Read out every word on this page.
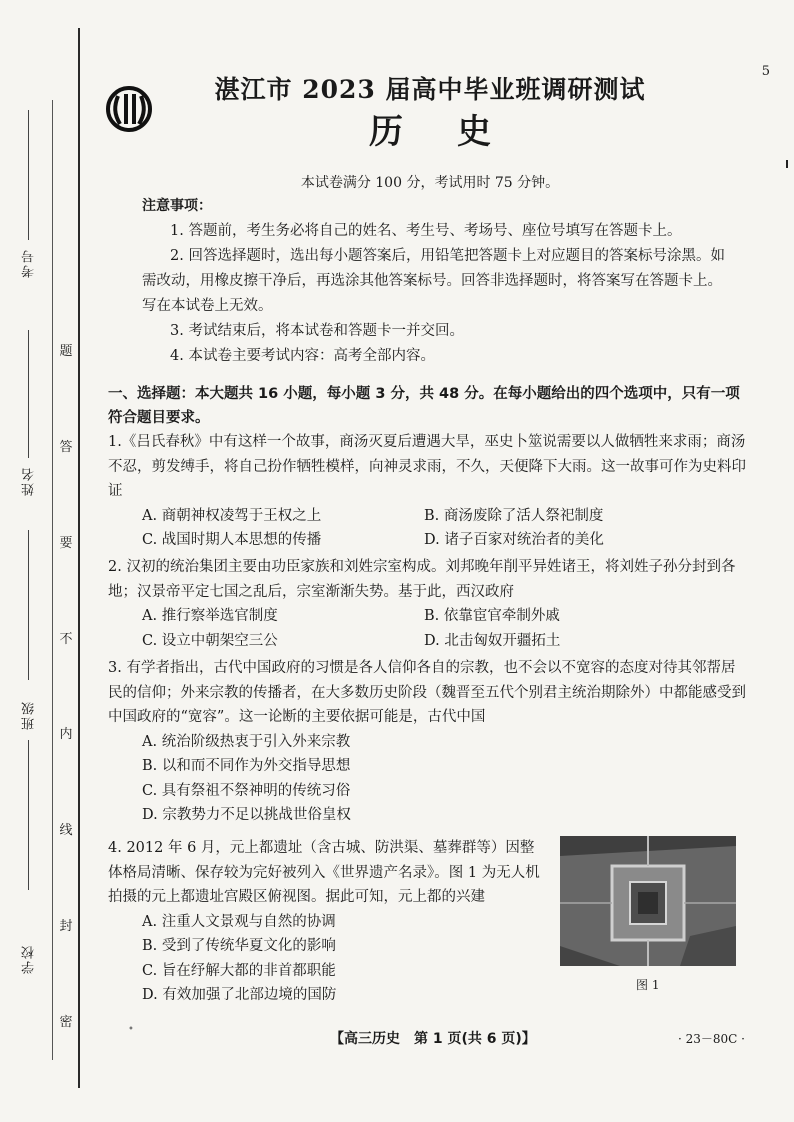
考号
姓名
班级
学校
题
答
要
不
内
线
封
密
5
湛江市 2023 届高中毕业班调研测试
历史
本试卷满分 100 分，考试用时 75 分钟。
注意事项：

1. 答题前，考生务必将自己的姓名、考生号、考场号、座位号填写在答题卡上。

2. 回答选择题时，选出每小题答案后，用铅笔把答题卡上对应题目的答案标号涂黑。如需改动，用橡皮擦干净后，再选涂其他答案标号。回答非选择题时，将答案写在答题卡上。写在本试卷上无效。

3. 考试结束后，将本试卷和答题卡一并交回。

4. 本试卷主要考试内容：高考全部内容。

一、选择题：本大题共 16 小题，每小题 3 分，共 48 分。在每小题给出的四个选项中，只有一项符合题目要求。

1.《吕氏春秋》中有这样一个故事，商汤灭夏后遭遇大旱，巫史卜筮说需要以人做牺牲来求雨；商汤不忍，剪发缚手，将自己扮作牺牲模样，向神灵求雨，不久，天便降下大雨。这一故事可作为史料印证

A. 商朝神权凌驾于王权之上	B. 商汤废除了活人祭祀制度
C. 战国时期人本思想的传播	D. 诸子百家对统治者的美化

2. 汉初的统治集团主要由功臣家族和刘姓宗室构成。刘邦晚年削平异姓诸王，将刘姓子孙分封到各地；汉景帝平定七国之乱后，宗室渐渐失势。基于此，西汉政府

A. 推行察举选官制度	B. 依靠宦官牵制外戚
C. 设立中朝架空三公	D. 北击匈奴开疆拓土

3. 有学者指出，古代中国政府的习惯是各人信仰各自的宗教，也不会以不宽容的态度对待其邻帮居民的信仰；外来宗教的传播者，在大多数历史阶段（魏晋至五代个别君主统治期除外）中都能感受到中国政府的“宽容”。这一论断的主要依据可能是，古代中国

A. 统治阶级热衷于引入外来宗教
B. 以和而不同作为外交指导思想
C. 具有祭祖不祭神明的传统习俗
D. 宗教势力不足以挑战世俗皇权

4. 2012 年 6 月，元上都遗址（含古城、防洪渠、墓葬群等）因整体格局清晰、保存较为完好被列入《世界遗产名录》。图 1 为无人机拍摄的元上都遗址宫殿区俯视图。据此可知，元上都的兴建

A. 注重人文景观与自然的协调
B. 受到了传统华夏文化的影响
C. 旨在纾解大都的非首都职能
D. 有效加强了北部边境的国防
图 1
•
【高三历史　第 1 页(共 6 页)】	· 23－80C ·
